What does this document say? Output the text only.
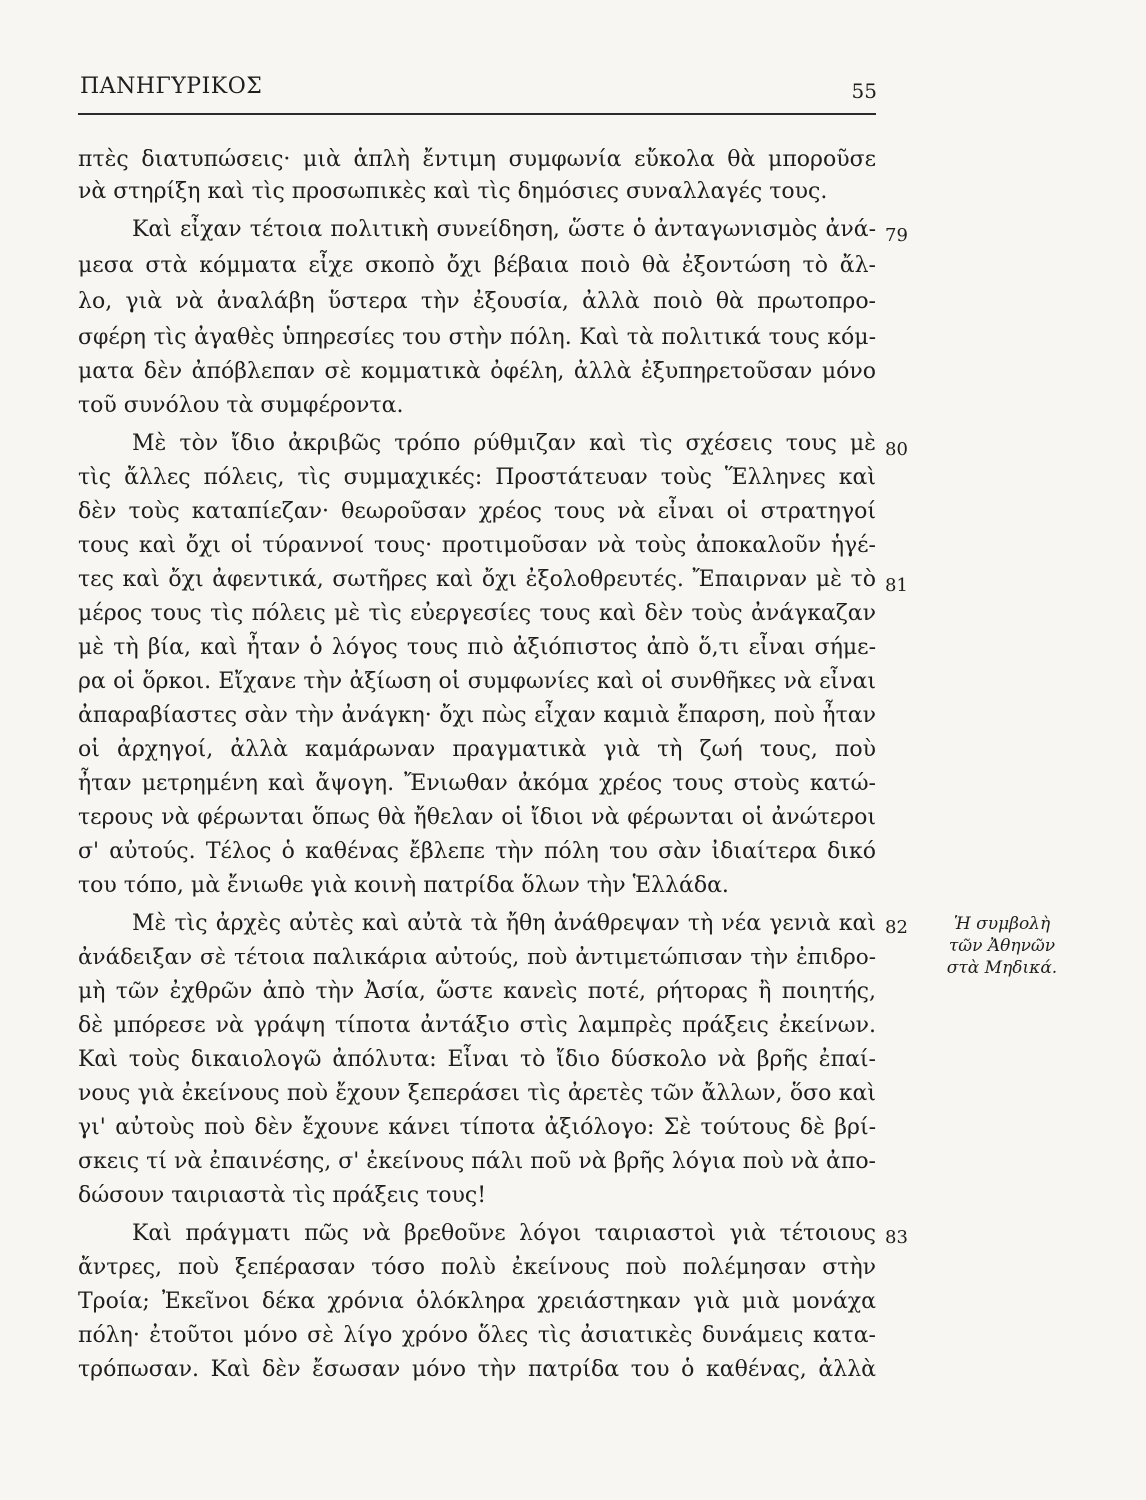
ΠΑΝΗΓΥΡΙΚΟΣ	55
πτὲς διατυπώσεις· μιὰ ἁπλὴ ἔντιμη συμφωνία εὔκολα θὰ μποροῦσε
νὰ στηρίξη καὶ τὶς προσωπικὲς καὶ τὶς δημόσιες συναλλαγές τους.
Καὶ εἶχαν τέτοια πολιτικὴ συνείδηση, ὥστε ὁ ἀνταγωνισμὸς ἀνά-
μεσα στὰ κόμματα εἶχε σκοπὸ ὄχι βέβαια ποιὸ θὰ ἐξοντώση τὸ ἄλ-
λο, γιὰ νὰ ἀναλάβη ὕστερα τὴν ἐξουσία, ἀλλὰ ποιὸ θὰ πρωτοπρο-
σφέρη τὶς ἀγαθὲς ὑπηρεσίες του στὴν πόλη. Καὶ τὰ πολιτικά τους κόμ-
ματα δὲν ἀπόβλεπαν σὲ κομματικὰ ὀφέλη, ἀλλὰ ἐξυπηρετοῦσαν μόνο
τοῦ συνόλου τὰ συμφέροντα.
Μὲ τὸν ἴδιο ἀκριβῶς τρόπο ρύθμιζαν καὶ τὶς σχέσεις τους μὲ
τὶς ἄλλες πόλεις, τὶς συμμαχικές: Προστάτευαν τοὺς Ἕλληνες καὶ
δὲν τοὺς καταπίεζαν· θεωροῦσαν χρέος τους νὰ εἶναι οἱ στρατηγοί
τους καὶ ὄχι οἱ τύραννοί τους· προτιμοῦσαν νὰ τοὺς ἀποκαλοῦν ἡγέ-
τες καὶ ὄχι ἀφεντικά, σωτῆρες καὶ ὄχι ἐξολοθρευτές. Ἔπαιρναν μὲ τὸ
μέρος τους τὶς πόλεις μὲ τὶς εὐεργεσίες τους καὶ δὲν τοὺς ἀνάγκαζαν
μὲ τὴ βία, καὶ ἦταν ὁ λόγος τους πιὸ ἀξιόπιστος ἀπὸ ὅ,τι εἶναι σήμε-
ρα οἱ ὅρκοι. Εἴχανε τὴν ἀξίωση οἱ συμφωνίες καὶ οἱ συνθῆκες νὰ εἶναι
ἀπαραβίαστες σὰν τὴν ἀνάγκη· ὄχι πὼς εἶχαν καμιὰ ἔπαρση, ποὺ ἦταν
οἱ ἀρχηγοί, ἀλλὰ καμάρωναν πραγματικὰ γιὰ τὴ ζωή τους, ποὺ
ἦταν μετρημένη καὶ ἄψογη. Ἔνιωθαν ἀκόμα χρέος τους στοὺς κατώ-
τερους νὰ φέρωνται ὅπως θὰ ἤθελαν οἱ ἴδιοι νὰ φέρωνται οἱ ἀνώτεροι
σ' αὐτούς. Τέλος ὁ καθένας ἔβλεπε τὴν πόλη του σὰν ἰδιαίτερα δικό
του τόπο, μὰ ἔνιωθε γιὰ κοινὴ πατρίδα ὅλων τὴν Ἑλλάδα.
Μὲ τὶς ἀρχὲς αὐτὲς καὶ αὐτὰ τὰ ἤθη ἀνάθρεψαν τὴ νέα γενιὰ καὶ
ἀνάδειξαν σὲ τέτοια παλικάρια αὐτούς, ποὺ ἀντιμετώπισαν τὴν ἐπιδρο-
μὴ τῶν ἐχθρῶν ἀπὸ τὴν Ἀσία, ὥστε κανεὶς ποτέ, ρήτορας ἢ ποιητής,
δὲ μπόρεσε νὰ γράψη τίποτα ἀντάξιο στὶς λαμπρὲς πράξεις ἐκείνων.
Καὶ τοὺς δικαιολογῶ ἀπόλυτα: Εἶναι τὸ ἴδιο δύσκολο νὰ βρῆς ἐπαί-
νους γιὰ ἐκείνους ποὺ ἔχουν ξεπεράσει τὶς ἀρετὲς τῶν ἄλλων, ὅσο καὶ
γι' αὐτοὺς ποὺ δὲν ἔχουνε κάνει τίποτα ἀξιόλογο: Σὲ τούτους δὲ βρί-
σκεις τί νὰ ἐπαινέσης, σ' ἐκείνους πάλι ποῦ νὰ βρῆς λόγια ποὺ νὰ ἀπο-
δώσουν ταιριαστὰ τὶς πράξεις τους!
Καὶ πράγματι πῶς νὰ βρεθοῦνε λόγοι ταιριαστοὶ γιὰ τέτοιους
ἄντρες, ποὺ ξεπέρασαν τόσο πολὺ ἐκείνους ποὺ πολέμησαν στὴν
Τροία; Ἐκεῖνοι δέκα χρόνια ὁλόκληρα χρειάστηκαν γιὰ μιὰ μονάχα
πόλη· ἐτοῦτοι μόνο σὲ λίγο χρόνο ὅλες τὶς ἀσιατικὲς δυνάμεις κατα-
τρόπωσαν. Καὶ δὲν ἔσωσαν μόνο τὴν πατρίδα του ὁ καθένας, ἀλλὰ
79
80
81
82
83
Ἡ συμβολὴ
τῶν Ἀθηνῶν
στὰ Μηδικά.
